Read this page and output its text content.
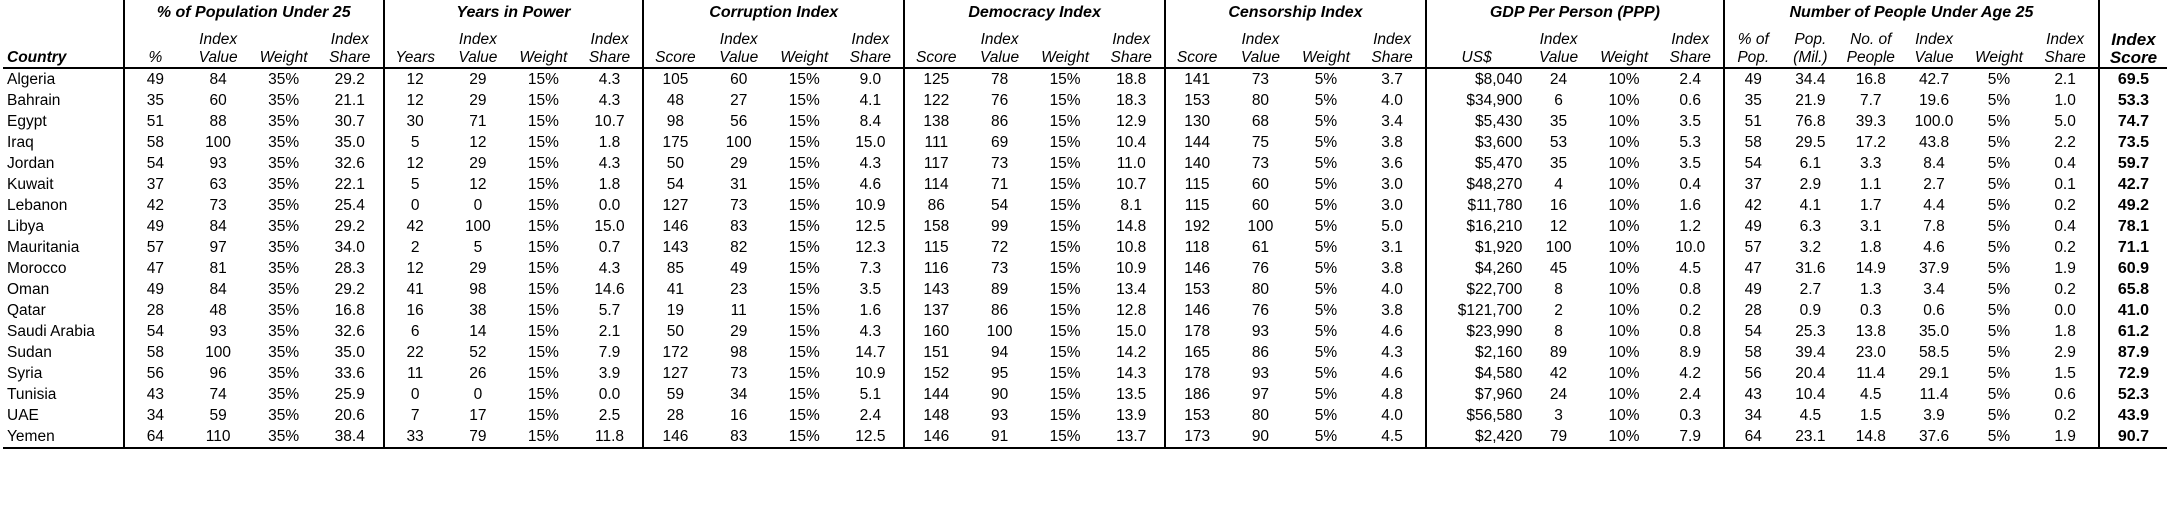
	% of Population Under 25				Years in Power				Corruption Index				Democracy Index				Censorship Index				GDP Per Person (PPP)				Number of People Under Age 25						
Country	%	Index Value	Weight	Index Share	Years	Index Value	Weight	Index Share	Score	Index Value	Weight	Index Share	Score	Index Value	Weight	Index Share	Score	Index Value	Weight	Index Share	US$	Index Value	Weight	Index Share	% of Pop.	Pop. (Mil.)	No. of People	Index Value	Weight	Index Share	Index Score
Algeria	49	84	35%	29.2	12	29	15%	4.3	105	60	15%	9.0	125	78	15%	18.8	141	73	5%	3.7	$8,040	24	10%	2.4	49	34.4	16.8	42.7	5%	2.1	69.5
Bahrain	35	60	35%	21.1	12	29	15%	4.3	48	27	15%	4.1	122	76	15%	18.3	153	80	5%	4.0	$34,900	6	10%	0.6	35	21.9	7.7	19.6	5%	1.0	53.3
Egypt	51	88	35%	30.7	30	71	15%	10.7	98	56	15%	8.4	138	86	15%	12.9	130	68	5%	3.4	$5,430	35	10%	3.5	51	76.8	39.3	100.0	5%	5.0	74.7
Iraq	58	100	35%	35.0	5	12	15%	1.8	175	100	15%	15.0	111	69	15%	10.4	144	75	5%	3.8	$3,600	53	10%	5.3	58	29.5	17.2	43.8	5%	2.2	73.5
Jordan	54	93	35%	32.6	12	29	15%	4.3	50	29	15%	4.3	117	73	15%	11.0	140	73	5%	3.6	$5,470	35	10%	3.5	54	6.1	3.3	8.4	5%	0.4	59.7
Kuwait	37	63	35%	22.1	5	12	15%	1.8	54	31	15%	4.6	114	71	15%	10.7	115	60	5%	3.0	$48,270	4	10%	0.4	37	2.9	1.1	2.7	5%	0.1	42.7
Lebanon	42	73	35%	25.4	0	0	15%	0.0	127	73	15%	10.9	86	54	15%	8.1	115	60	5%	3.0	$11,780	16	10%	1.6	42	4.1	1.7	4.4	5%	0.2	49.2
Libya	49	84	35%	29.2	42	100	15%	15.0	146	83	15%	12.5	158	99	15%	14.8	192	100	5%	5.0	$16,210	12	10%	1.2	49	6.3	3.1	7.8	5%	0.4	78.1
Mauritania	57	97	35%	34.0	2	5	15%	0.7	143	82	15%	12.3	115	72	15%	10.8	118	61	5%	3.1	$1,920	100	10%	10.0	57	3.2	1.8	4.6	5%	0.2	71.1
Morocco	47	81	35%	28.3	12	29	15%	4.3	85	49	15%	7.3	116	73	15%	10.9	146	76	5%	3.8	$4,260	45	10%	4.5	47	31.6	14.9	37.9	5%	1.9	60.9
Oman	49	84	35%	29.2	41	98	15%	14.6	41	23	15%	3.5	143	89	15%	13.4	153	80	5%	4.0	$22,700	8	10%	0.8	49	2.7	1.3	3.4	5%	0.2	65.8
Qatar	28	48	35%	16.8	16	38	15%	5.7	19	11	15%	1.6	137	86	15%	12.8	146	76	5%	3.8	$121,700	2	10%	0.2	28	0.9	0.3	0.6	5%	0.0	41.0
Saudi Arabia	54	93	35%	32.6	6	14	15%	2.1	50	29	15%	4.3	160	100	15%	15.0	178	93	5%	4.6	$23,990	8	10%	0.8	54	25.3	13.8	35.0	5%	1.8	61.2
Sudan	58	100	35%	35.0	22	52	15%	7.9	172	98	15%	14.7	151	94	15%	14.2	165	86	5%	4.3	$2,160	89	10%	8.9	58	39.4	23.0	58.5	5%	2.9	87.9
Syria	56	96	35%	33.6	11	26	15%	3.9	127	73	15%	10.9	152	95	15%	14.3	178	93	5%	4.6	$4,580	42	10%	4.2	56	20.4	11.4	29.1	5%	1.5	72.9
Tunisia	43	74	35%	25.9	0	0	15%	0.0	59	34	15%	5.1	144	90	15%	13.5	186	97	5%	4.8	$7,960	24	10%	2.4	43	10.4	4.5	11.4	5%	0.6	52.3
UAE	34	59	35%	20.6	7	17	15%	2.5	28	16	15%	2.4	148	93	15%	13.9	153	80	5%	4.0	$56,580	3	10%	0.3	34	4.5	1.5	3.9	5%	0.2	43.9
Yemen	64	110	35%	38.4	33	79	15%	11.8	146	83	15%	12.5	146	91	15%	13.7	173	90	5%	4.5	$2,420	79	10%	7.9	64	23.1	14.8	37.6	5%	1.9	90.7
